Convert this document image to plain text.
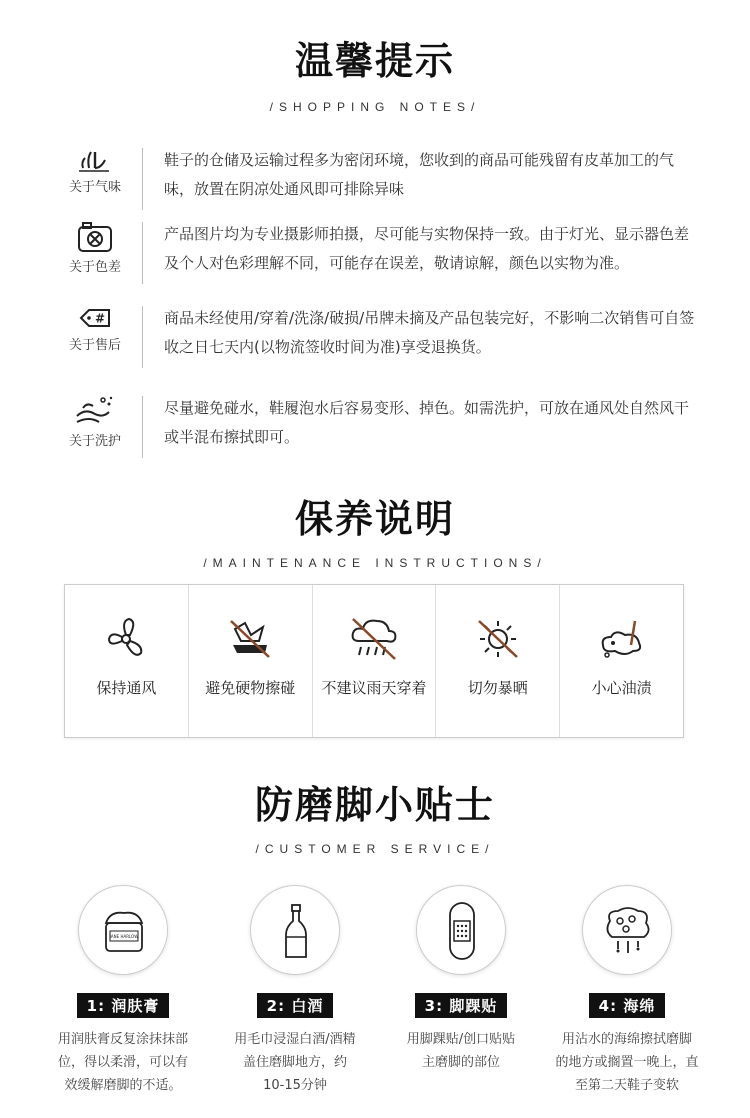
温馨提示
/SHOPPING NOTES/
关于气味
鞋子的仓储及运输过程多为密闭环境，您收到的商品可能残留有皮革加工的气味，放置在阴凉处通风即可排除异味
关于色差
产品图片均为专业摄影师拍摄，尽可能与实物保持一致。由于灯光、显示器色差及个人对色彩理解不同，可能存在误差，敬请谅解，颜色以实物为准。
#
关于售后
商品未经使用/穿着/洗涤/破损/吊牌未摘及产品包装完好，不影响二次销售可自签收之日七天内(以物流签收时间为准)享受退换货。
关于洗护
尽量避免碰水，鞋履泡水后容易变形、掉色。如需洗护，可放在通风处自然风干或半混布擦拭即可。
保养说明
/MAINTENANCE INSTRUCTIONS/
保持通风	避免硬物擦碰	不建议雨天穿着	切勿暴晒	小心油渍
防磨脚小贴士
/CUSTOMER SERVICE/
JANE HARLOW
1: 润肤膏
用润肤膏反复涂抹抹部
位，得以柔滑，可以有
效缓解磨脚的不适。
2: 白酒
用毛巾浸湿白酒/酒精
盖住磨脚地方，约
10-15分钟
3: 脚踝贴
用脚踝贴/创口贴贴
主磨脚的部位
4: 海绵
用沾水的海绵擦拭磨脚
的地方或搁置一晚上，直
至第二天鞋子变软
